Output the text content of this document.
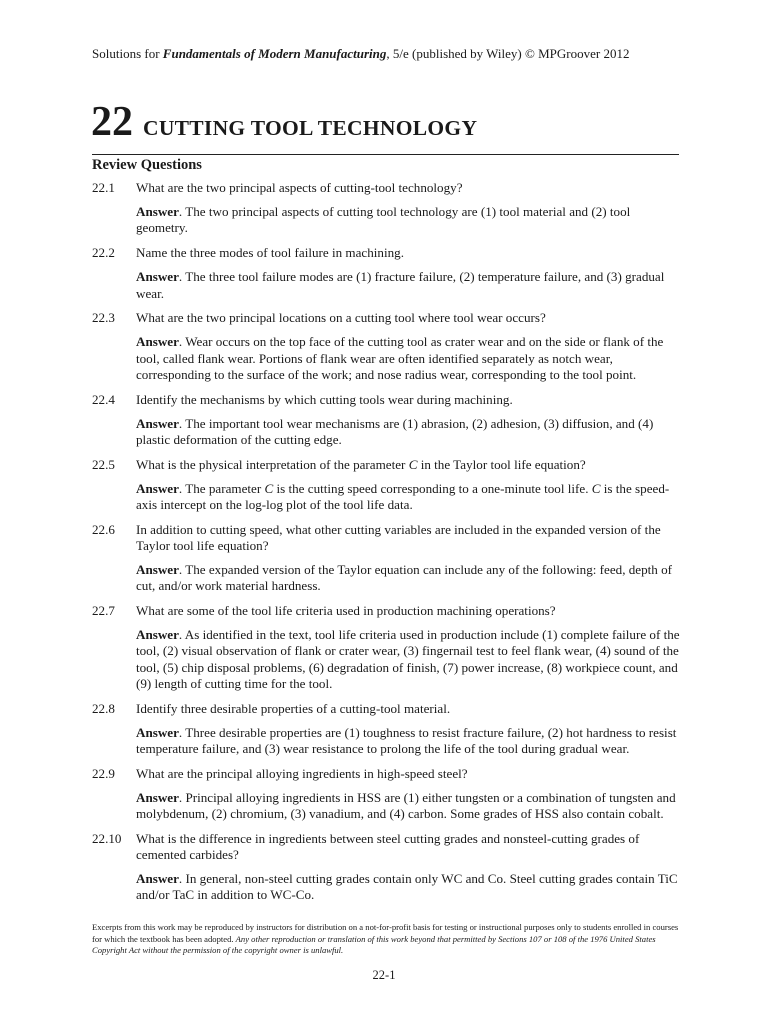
Solutions for Fundamentals of Modern Manufacturing, 5/e (published by Wiley) © MPGroover 2012
22 CUTTING TOOL TECHNOLOGY
Review Questions
22.1	What are the two principal aspects of cutting-tool technology?
Answer. The two principal aspects of cutting tool technology are (1) tool material and (2) tool geometry.
22.2	Name the three modes of tool failure in machining.
Answer. The three tool failure modes are (1) fracture failure, (2) temperature failure, and (3) gradual wear.
22.3	What are the two principal locations on a cutting tool where tool wear occurs?
Answer. Wear occurs on the top face of the cutting tool as crater wear and on the side or flank of the tool, called flank wear. Portions of flank wear are often identified separately as notch wear, corresponding to the surface of the work; and nose radius wear, corresponding to the tool point.
22.4	Identify the mechanisms by which cutting tools wear during machining.
Answer. The important tool wear mechanisms are (1) abrasion, (2) adhesion, (3) diffusion, and (4) plastic deformation of the cutting edge.
22.5	What is the physical interpretation of the parameter C in the Taylor tool life equation?
Answer. The parameter C is the cutting speed corresponding to a one-minute tool life. C is the speed-axis intercept on the log-log plot of the tool life data.
22.6	In addition to cutting speed, what other cutting variables are included in the expanded version of the Taylor tool life equation?
Answer. The expanded version of the Taylor equation can include any of the following: feed, depth of cut, and/or work material hardness.
22.7	What are some of the tool life criteria used in production machining operations?
Answer. As identified in the text, tool life criteria used in production include (1) complete failure of the tool, (2) visual observation of flank or crater wear, (3) fingernail test to feel flank wear, (4) sound of the tool, (5) chip disposal problems, (6) degradation of finish, (7) power increase, (8) workpiece count, and (9) length of cutting time for the tool.
22.8	Identify three desirable properties of a cutting-tool material.
Answer. Three desirable properties are (1) toughness to resist fracture failure, (2) hot hardness to resist temperature failure, and (3) wear resistance to prolong the life of the tool during gradual wear.
22.9	What are the principal alloying ingredients in high-speed steel?
Answer. Principal alloying ingredients in HSS are (1) either tungsten or a combination of tungsten and molybdenum, (2) chromium, (3) vanadium, and (4) carbon. Some grades of HSS also contain cobalt.
22.10	What is the difference in ingredients between steel cutting grades and nonsteel-cutting grades of cemented carbides?
Answer. In general, non-steel cutting grades contain only WC and Co. Steel cutting grades contain TiC and/or TaC in addition to WC-Co.
Excerpts from this work may be reproduced by instructors for distribution on a not-for-profit basis for testing or instructional purposes only to students enrolled in courses for which the textbook has been adopted. Any other reproduction or translation of this work beyond that permitted by Sections 107 or 108 of the 1976 United States Copyright Act without the permission of the copyright owner is unlawful.
22-1
